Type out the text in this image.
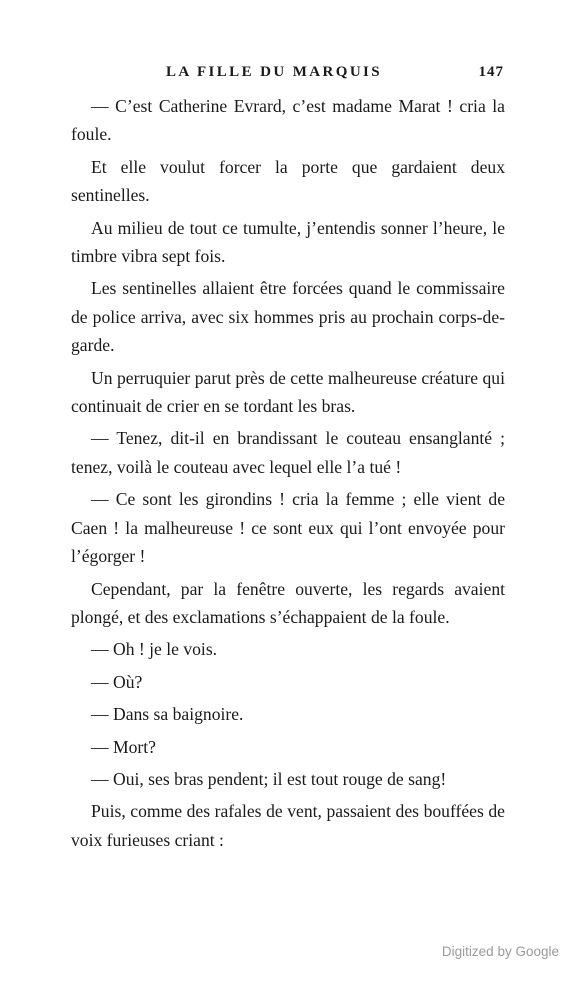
LA FILLE DU MARQUIS	147

— C’est Catherine Evrard, c’est madame Marat ! cria la foule.

Et elle voulut forcer la porte que gardaient deux sentinelles.

Au milieu de tout ce tumulte, j’entendis sonner l’heure, le timbre vibra sept fois.

Les sentinelles allaient être forcées quand le commissaire de police arriva, avec six hommes pris au prochain corps-de-garde.

Un perruquier parut près de cette malheureuse créature qui continuait de crier en se tordant les bras.

— Tenez, dit-il en brandissant le couteau ensanglanté ; tenez, voilà le couteau avec lequel elle l’a tué !

— Ce sont les girondins ! cria la femme ; elle vient de Caen ! la malheureuse ! ce sont eux qui l’ont envoyée pour l’égorger !

Cependant, par la fenêtre ouverte, les regards avaient plongé, et des exclamations s’échappaient de la foule.

— Oh ! je le vois.

— Où?

— Dans sa baignoire.

— Mort?

— Oui, ses bras pendent; il est tout rouge de sang!

Puis, comme des rafales de vent, passaient des bouffées de voix furieuses criant :

Digitized by Google
